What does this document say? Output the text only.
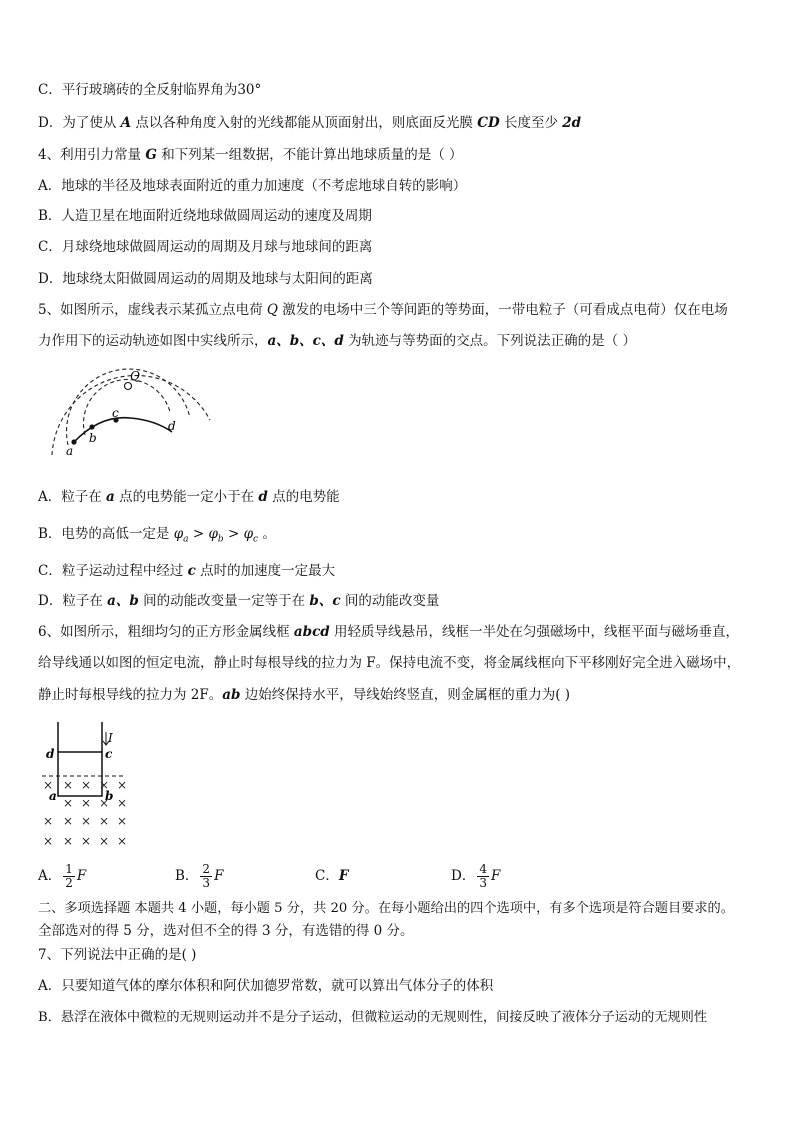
C．平行玻璃砖的全反射临界角为30°
D．为了使从 A 点以各种角度入射的光线都能从顶面射出，则底面反光膜 CD 长度至少 2d
4、利用引力常量 G 和下列某一组数据，不能计算出地球质量的是（ ）
A．地球的半径及地球表面附近的重力加速度（不考虑地球自转的影响）
B．人造卫星在地面附近绕地球做圆周运动的速度及周期
C．月球绕地球做圆周运动的周期及月球与地球间的距离
D．地球绕太阳做圆周运动的周期及地球与太阳间的距离
5、如图所示，虚线表示某孤立点电荷 Q 激发的电场中三个等间距的等势面，一带电粒子（可看成点电荷）仅在电场
力作用下的运动轨迹如图中实线所示，a、b、c、d 为轨迹与等势面的交点。下列说法正确的是（ ）
Q
a
b
c
d
A．粒子在 a 点的电势能一定小于在 d 点的电势能
B．电势的高低一定是 $\varphi_a > \varphi_b > \varphi_c$ 。
C．粒子运动过程中经过 c 点时的加速度一定最大
D．粒子在 a、b 间的动能改变量一定等于在 b、c 间的动能改变量
6、如图所示，粗细均匀的正方形金属线框 abcd 用轻质导线悬吊，线框一半处在匀强磁场中，线框平面与磁场垂直，
给导线通以如图的恒定电流，静止时每根导线的拉力为 F。保持电流不变，将金属线框向下平移刚好完全进入磁场中，
静止时每根导线的拉力为 2F。ab 边始终保持水平，导线始终竖直，则金属框的重力为( )
I
d	c
a	b
× × × × ×
× × × ×
× × × × ×
× × × × ×
A． $\frac{1}{2}$ F	B． $\frac{2}{3}$ F	C．F	D． $\frac{4}{3}$ F
二、多项选择题 本题共 4 小题，每小题 5 分，共 20 分。在每小题给出的四个选项中，有多个选项是符合题目要求的。
全部选对的得 5 分，选对但不全的得 3 分，有选错的得 0 分。
7、下列说法中正确的是( )
A．只要知道气体的摩尔体积和阿伏加德罗常数，就可以算出气体分子的体积
B．悬浮在液体中微粒的无规则运动并不是分子运动，但微粒运动的无规则性，间接反映了液体分子运动的无规则性
